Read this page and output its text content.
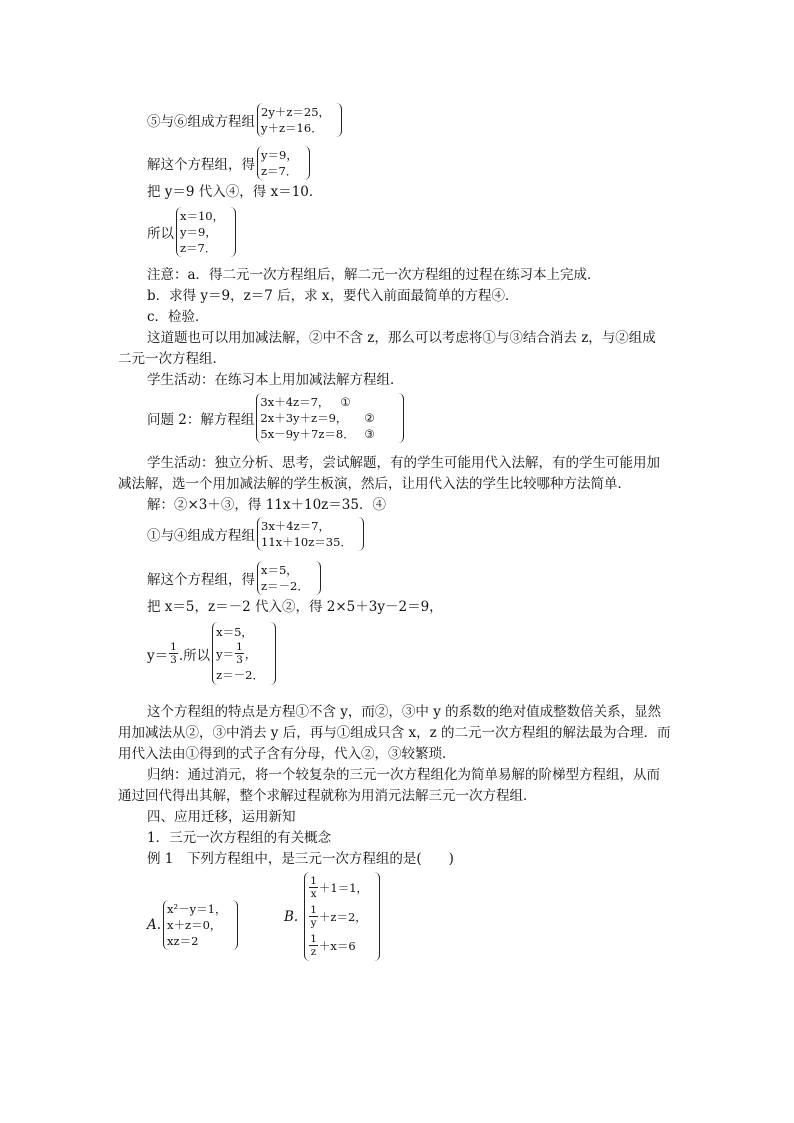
⑤与⑥组成方程组
2y＋z＝25，
y＋z＝16．
解这个方程组，得
y＝9，
z＝7．
把 y＝9 代入④，得 x＝10．
所以
x＝10，
y＝9，
z＝7．
注意：a．得二元一次方程组后，解二元一次方程组的过程在练习本上完成．
b．求得 y＝9，z＝7 后，求 x，要代入前面最简单的方程④．
c．检验．
这道题也可以用加减法解，②中不含 z，那么可以考虑将①与③结合消去 z，与②组成
二元一次方程组．
学生活动：在练习本上用加减法解方程组．
问题 2：解方程组
3x＋4z＝7， ①
2x＋3y＋z＝9，	②
5x－9y＋7z＝8． ③
学生活动：独立分析、思考，尝试解题，有的学生可能用代入法解，有的学生可能用加
减法解，选一个用加减法解的学生板演，然后，让用代入法的学生比较哪种方法简单．
解：②×3＋③，得 11x＋10z＝35．④
①与④组成方程组
3x＋4z＝7，
11x＋10z＝35．
解这个方程组，得
x＝5，
z＝－2．
把 x＝5，z＝－2 代入②，得 2×5＋3y－2＝9，
$y= \frac{1}{3}$ .所以
x＝5，
$y= \frac{1}{3}$ ，
z＝－2．
这个方程组的特点是方程①不含 y，而②，③中 y 的系数的绝对值成整数倍关系，显然
用加减法从②，③中消去 y 后，再与①组成只含 x，z 的二元一次方程组的解法最为合理．而
用代入法由①得到的式子含有分母，代入②，③较繁琐．
归纳：通过消元，将一个较复杂的三元一次方程组化为简单易解的阶梯型方程组，从而
通过回代得出其解，整个求解过程就称为用消元法解三元一次方程组．
四、应用迁移，运用新知
1．三元一次方程组的有关概念
例 1　下列方程组中，是三元一次方程组的是(　　)
A.
x²－y＝1，
x＋z＝0，
xz＝2
B.
$\frac{1}{x} +1=1$，
$\frac{1}{y} +z=2$，
$\frac{1}{z} +x=6$
